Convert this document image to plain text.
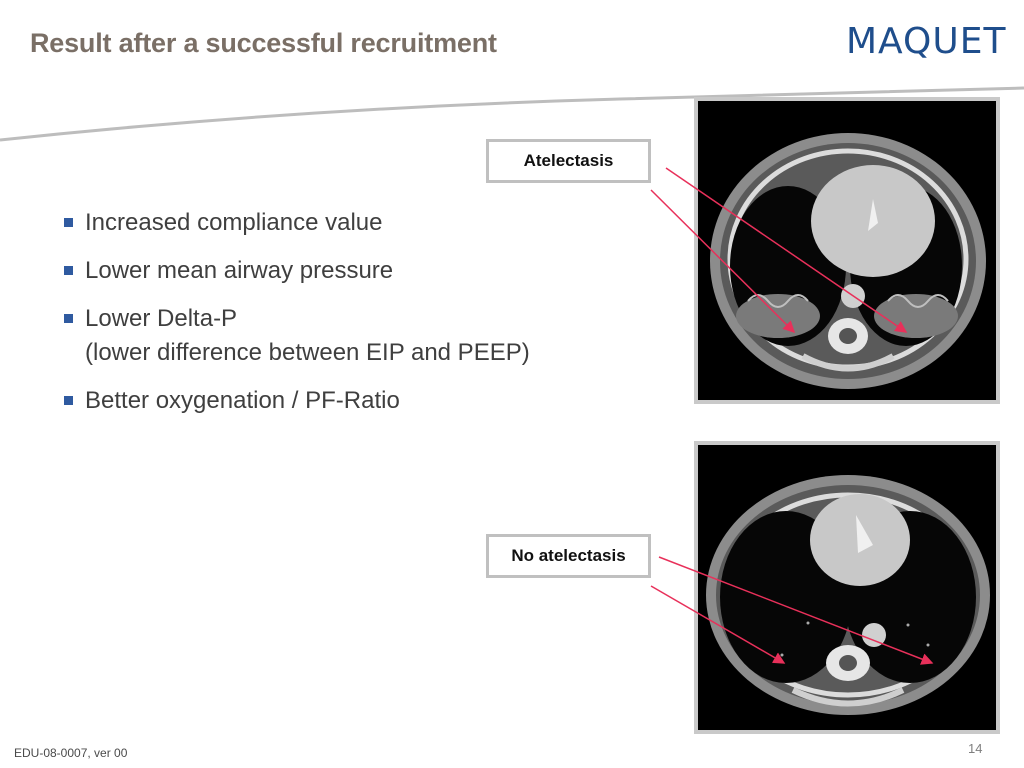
Result after a successful recruitment	MAQUET
Increased compliance value
Lower mean airway pressure
Lower Delta-P
(lower difference between EIP and PEEP)
Better oxygenation / PF-Ratio
Atelectasis
No atelectasis
EDU-08-0007, ver 00	14
